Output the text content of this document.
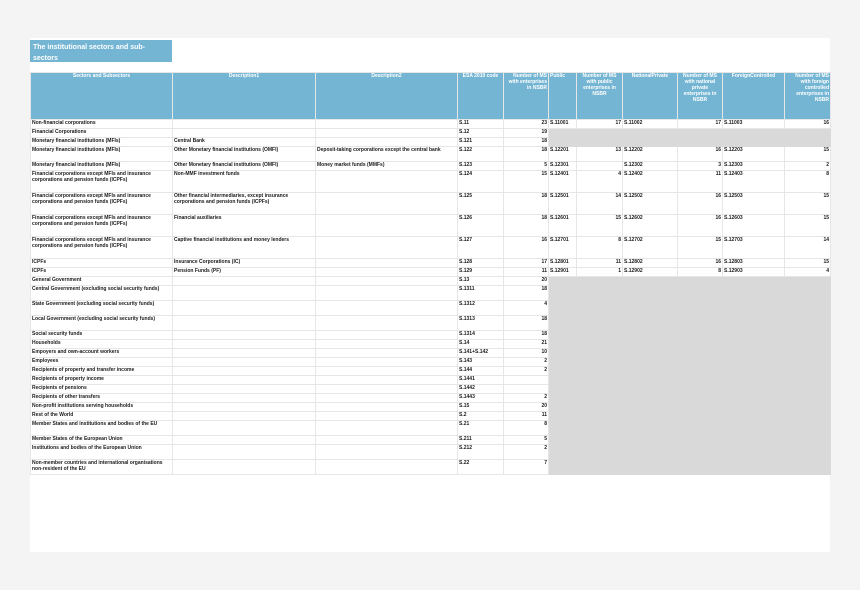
The institutional sectors and sub-sectors
Sectors and Subsectors	Description1	Description2	ESA 2010 code	Number of MS with enterprises in NSBR	Public	Number of MS with public enterprises in NSBR	NationalPrivate	Number of MS with national private enterprises in NSBR	ForeignControlled	Number of MS with foreign controlled enterprises in NSBR
Non-financial corporations			S.11	23	S.11001	17	S.11002	17	S.11003	16
Financial Corporations			S.12	19						
Monetary financial institutions (MFIs)	Central Bank		S.121	18						
Monetary financial institutions (MFIs)	Other Monetary financial institutions (OMFI)	Deposit-taking corporations except the central bank	S.122	18	S.12201	13	S.12202	16	S.12203	15
Monetary financial institutions (MFIs)	Other Monetary financial institutions (OMFI)	Money market funds (MMFs)	S.123	5	S.12301		S.12302	3	S.12303	2
Financial corporations except MFIs and insurance corporations and pension funds (ICPFs)	Non-MMF investment funds		S.124	15	S.12401	4	S.12402	11	S.12403	8
Financial corporations except MFIs and insurance corporations and pension funds (ICPFs)	Other financial intermediaries, except insurance corporations and pension funds (ICPFs)		S.125	18	S.12501	14	S.12502	16	S.12503	15
Financial corporations except MFIs and insurance corporations and pension funds (ICPFs)	Financial auxiliaries		S.126	18	S.12601	15	S.12602	16	S.12603	15
Financial corporations except MFIs and insurance corporations and pension funds (ICPFs)	Captive financial institutions and money lenders		S.127	16	S.12701	8	S.12702	15	S.12703	14
ICPFs	Insurance Corporations (IC)		S.128	17	S.12801	11	S.12802	16	S.12803	15
ICPFs	Pension Funds (PF)		S.129	11	S.12901	1	S.12902	8	S.12903	4
General Government			S.13	20						
Central Government (excluding social security funds)			S.1311	18						
State Government (excluding social security funds)			S.1312	4						
Local Government (excluding social security funds)			S.1313	18						
Social security funds			S.1314	18						
Households			S.14	21						
Empoyers and own-account workers			S.141+S.142	10						
Employees			S.143	2						
Recipients of property and transfer income			S.144	2						
Recipients of property income			S.1441							
Recipients of pensions			S.1442							
Recipients of other transfers			S.1443	2						
Non-profit institutions serving households			S.15	20						
Rest of the World			S.2	11						
Member States and institutions and bodies of the EU			S.21	8						
Member States of the European Union			S.211	5						
Institutions and bodies of the European Union			S.212	2						
Non-member countries and international organisations non-resident of the EU			S.22	7						
